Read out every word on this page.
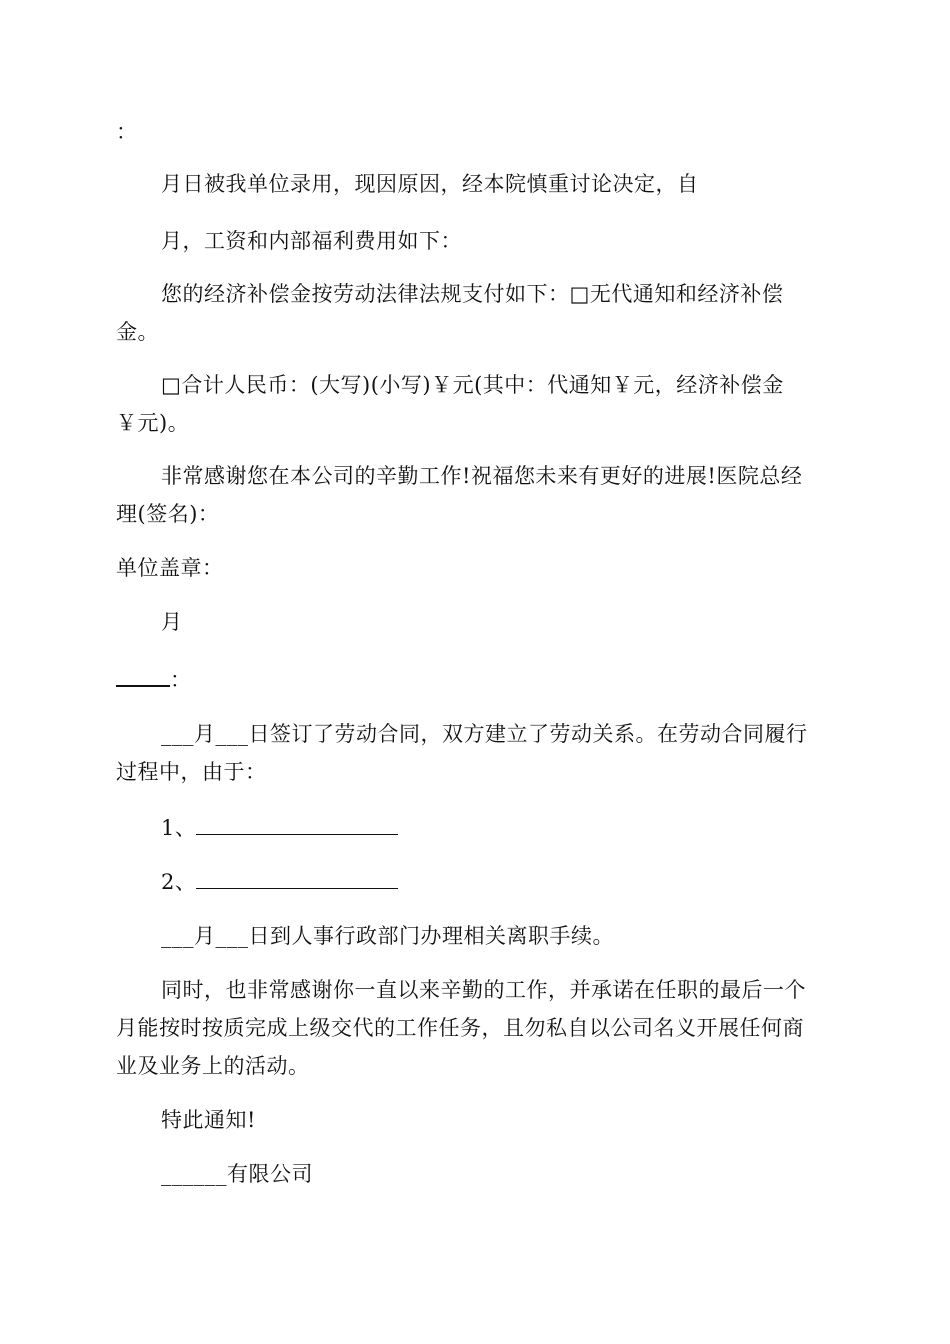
：
月日被我单位录用，现因原因，经本院慎重讨论决定，自
月，工资和内部福利费用如下：
您的经济补偿金按劳动法律法规支付如下：□无代通知和经济补偿
金。
□合计人民币：(大写)(小写)￥元(其中：代通知￥元，经济补偿金
￥元)。
非常感谢您在本公司的辛勤工作!祝福您未来有更好的进展!医院总经
理(签名)：
单位盖章：
月
：
___月___日签订了劳动合同，双方建立了劳动关系。在劳动合同履行
过程中，由于：
1、
2、
___月___日到人事行政部门办理相关离职手续。
同时，也非常感谢你一直以来辛勤的工作，并承诺在任职的最后一个
月能按时按质完成上级交代的工作任务，且勿私自以公司名义开展任何商
业及业务上的活动。
特此通知!
______有限公司
